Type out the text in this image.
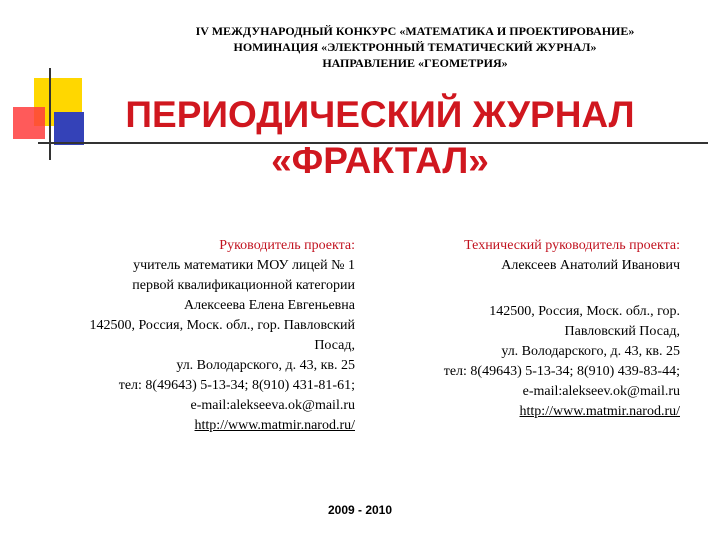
IV МЕЖДУНАРОДНЫЙ КОНКУРС «МАТЕМАТИКА И ПРОЕКТИРОВАНИЕ»
НОМИНАЦИЯ «ЭЛЕКТРОННЫЙ ТЕМАТИЧЕСКИЙ ЖУРНАЛ»
НАПРАВЛЕНИЕ «ГЕОМЕТРИЯ»
ПЕРИОДИЧЕСКИЙ ЖУРНАЛ
«ФРАКТАЛ»
Руководитель проекта:
учитель математики МОУ лицей № 1
первой квалификационной категории
Алексеева Елена Евгеньевна
142500, Россия, Моск. обл., гор. Павловский
Посад,
ул. Володарского, д. 43, кв. 25
тел: 8(49643) 5-13-34; 8(910) 431-81-61;
e-mail:alekseeva.ok@mail.ru
http://www.matmir.narod.ru/
Технический руководитель проекта:
Алексеев Анатолий Иванович
142500, Россия, Моск. обл., гор.
Павловский Посад,
ул. Володарского, д. 43, кв. 25
тел: 8(49643) 5-13-34; 8(910) 439-83-44;
e-mail:alekseev.ok@mail.ru
http://www.matmir.narod.ru/
2009 - 2010
